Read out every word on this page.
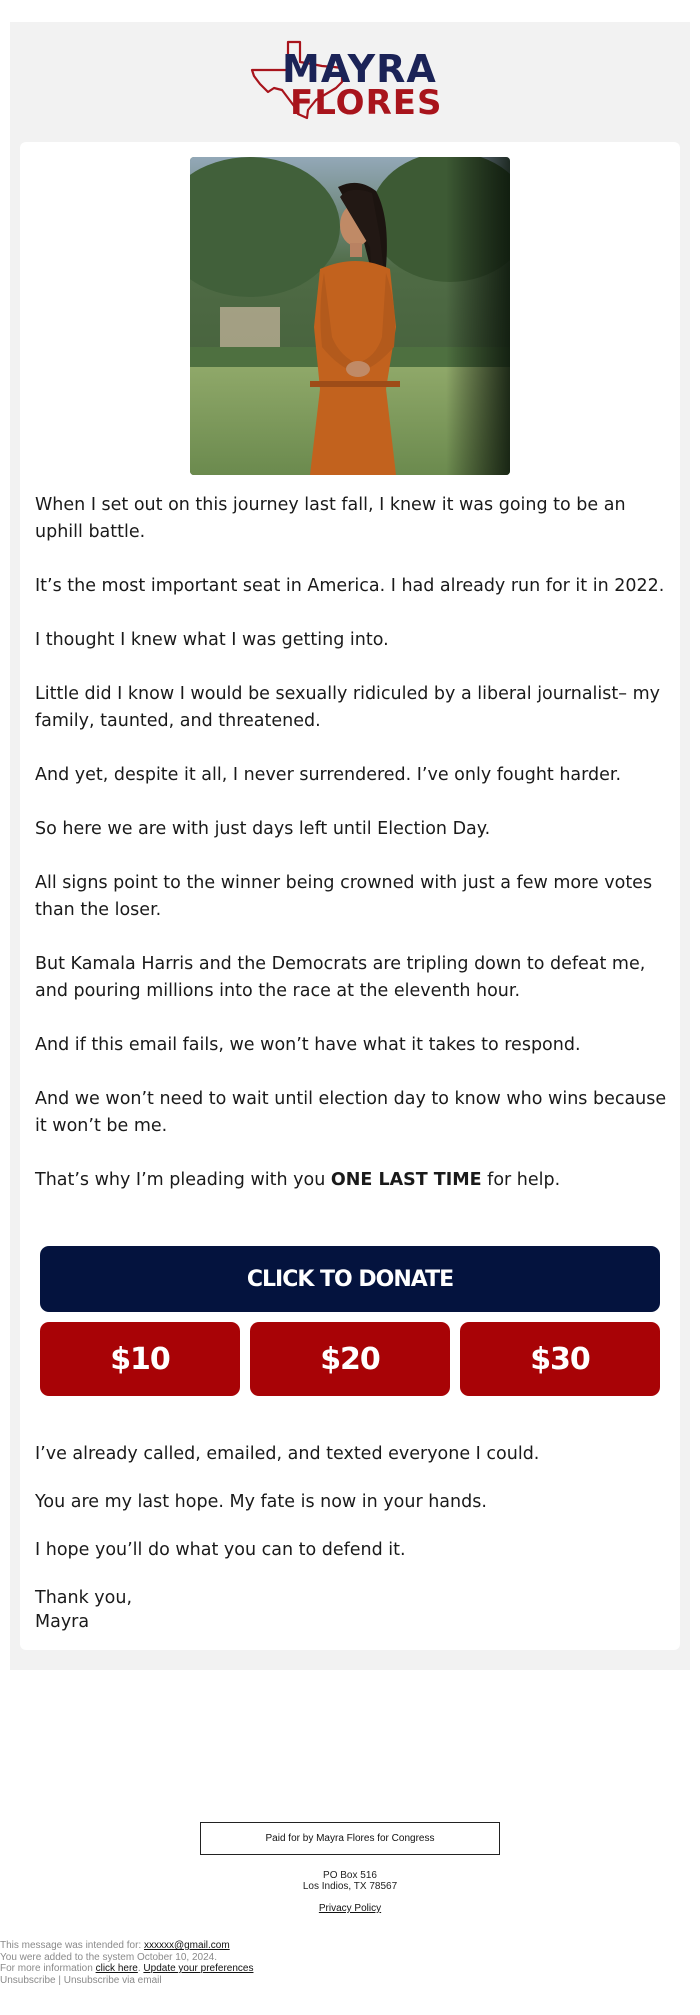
MAYRA
FLORES

When I set out on this journey last fall, I knew it was going to be an uphill battle.

It’s the most important seat in America. I had already run for it in 2022.

I thought I knew what I was getting into.

Little did I know I would be sexually ridiculed by a liberal journalist– my family, taunted, and threatened.

And yet, despite it all, I never surrendered. I’ve only fought harder.

So here we are with just days left until Election Day.

All signs point to the winner being crowned with just a few more votes than the loser.

But Kamala Harris and the Democrats are tripling down to defeat me, and pouring millions into the race at the eleventh hour.

And if this email fails, we won’t have what it takes to respond.

And we won’t need to wait until election day to know who wins because it won’t be me.

That’s why I’m pleading with you ONE LAST TIME for help.

CLICK TO DONATE
$10	$20	$30

I’ve already called, emailed, and texted everyone I could.

You are my last hope. My fate is now in your hands.

I hope you’ll do what you can to defend it.

Thank you,
Mayra
Paid for by Mayra Flores for Congress
PO Box 516
Los Indios, TX 78567
Privacy Policy
This message was intended for: xxxxxx@gmail.com
You were added to the system October 10, 2024.
For more information click here. Update your preferences
Unsubscribe | Unsubscribe via email
